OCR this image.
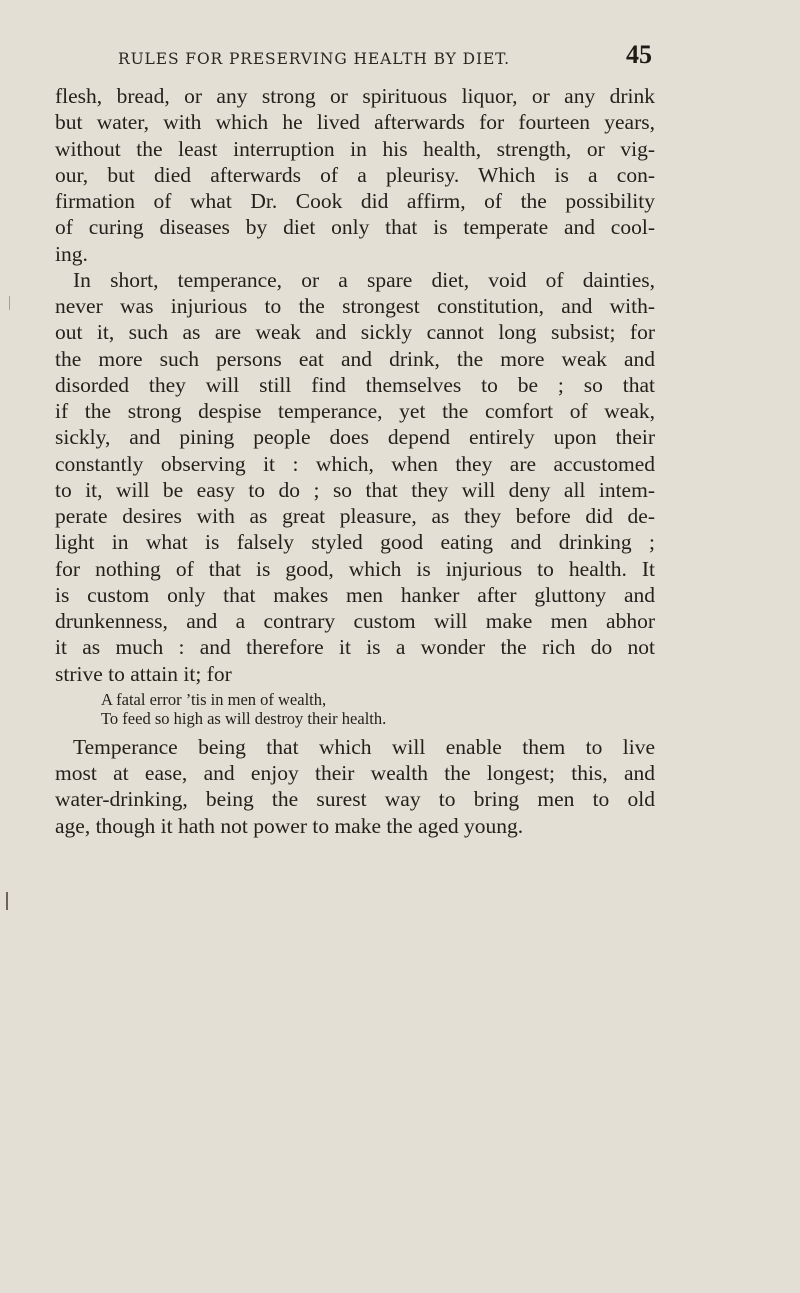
RULES FOR PRESERVING HEALTH BY DIET.	45
flesh, bread, or any strong or spirituous liquor, or any drink
but water, with which he lived afterwards for fourteen years,
without the least interruption in his health, strength, or vig-
our, but died afterwards of a pleurisy. Which is a con-
firmation of what Dr. Cook did affirm, of the possibility
of curing diseases by diet only that is temperate and cool-
ing.
In short, temperance, or a spare diet, void of dainties,
never was injurious to the strongest constitution, and with-
out it, such as are weak and sickly cannot long subsist; for
the more such persons eat and drink, the more weak and
disorded they will still find themselves to be ; so that
if the strong despise temperance, yet the comfort of weak,
sickly, and pining people does depend entirely upon their
constantly observing it : which, when they are accustomed
to it, will be easy to do ; so that they will deny all intem-
perate desires with as great pleasure, as they before did de-
light in what is falsely styled good eating and drinking ;
for nothing of that is good, which is injurious to health. It
is custom only that makes men hanker after gluttony and
drunkenness, and a contrary custom will make men abhor
it as much : and therefore it is a wonder the rich do not
strive to attain it; for
A fatal error ’tis in men of wealth,
To feed so high as will destroy their health.
Temperance being that which will enable them to live
most at ease, and enjoy their wealth the longest; this, and
water-drinking, being the surest way to bring men to old
age, though it hath not power to make the aged young.
